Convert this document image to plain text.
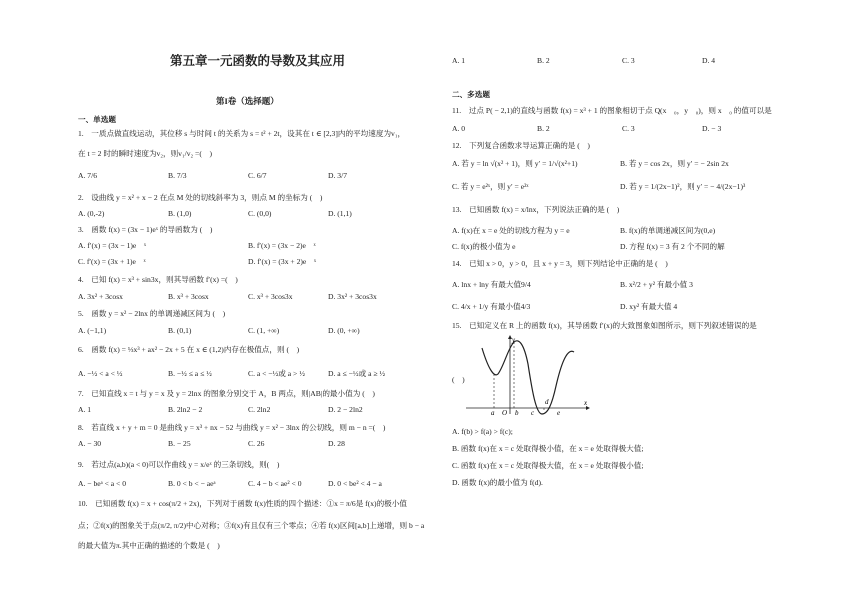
第五章一元函数的导数及其应用
第I卷（选择题）
一、单选题
1.　一质点做直线运动，其位移 s 与时间 t 的关系为 s = t² + 2t，设其在 t ∈ [2,3]内的平均速度为v₁，
在 t = 2 时的瞬时速度为v₂，则v₁/v₂ =(　)
A. 7/6	B. 7/3	C. 6/7	D. 3/7
2.　设曲线 y = x² + x − 2 在点 M 处的切线斜率为 3，则点 M 的坐标为 (　)
A. (0,-2)	B. (1,0)	C. (0,0)	D. (1,1)
3.　函数 f(x) = (3x − 1)eˣ 的导函数为 (　)
A. f′(x) = (3x − 1)e　ˣ	B. f′(x) = (3x − 2)e　ˣ
C. f′(x) = (3x + 1)e　ˣ	D. f′(x) = (3x + 2)e　ˣ
4.　已知 f(x) = x³ + sin3x，则其导函数 f′(x) =(　)
A. 3x² + 3cosx	B. x³ + 3cosx	C. x³ + 3cos3x	D. 3x² + 3cos3x
5.　函数 y = x² − 2lnx 的单调递减区间为 (　)
A. (−1,1)	B. (0,1)	C. (1, +∞)	D. (0, +∞)
6.　函数 f(x) = ⅓x³ + ax² − 2x + 5 在 x ∈ (1,2)内存在极值点，则 (　)
A. −½ < a < ½	B. −½ ≤ a ≤ ½	C. a < −½或 a > ½	D. a ≤ −½或 a ≥ ½
7.　已知直线 x = t 与 y = x 及 y = 2lnx 的图象分别交于 A，B 两点，则|AB|的最小值为 (　)
A. 1	B. 2ln2 − 2	C. 2ln2	D. 2 − 2ln2
8.　若直线 x + y + m = 0 是曲线 y = x³ + nx − 52 与曲线 y = x² − 3lnx 的公切线，则 m − n =(　)
A. − 30	B. − 25	C. 26	D. 28
9.　若过点(a,b)(a < 0)可以作曲线 y = x/eˣ 的三条切线，则(　)
A. − beᵃ < a < 0	B. 0 < b < − aeᵃ	C. 4 − b < ae² < 0	D. 0 < be² < 4 − a
10.　已知函数 f(x) = x + cos(π/2 + 2x)，下列对于函数 f(x)性质的四个描述：①x = π/6是 f(x)的极小值
点；②f(x)的图象关于点(π/2, π/2)中心对称；③f(x)有且仅有三个零点；④若 f(x)区间[a,b]上递增，则 b − a
的最大值为π.其中正确的描述的个数是 (　)
A. 1	B. 2	C. 3	D. 4
二、多选题
11.　过点 P( − 2,1)的直线与函数 f(x) = x³ + 1 的图象相切于点 Q(x　₀，y　₀)，则 x　₀ 的值可以是
A. 0	B. 2	C. 3	D. − 3
12.　下列复合函数求导运算正确的是 (　)
A. 若 y = ln √(x² + 1)，则 y′ = 1/√(x²+1)	B. 若 y = cos 2x，则 y′ = − 2sin 2x
C. 若 y = e²ˣ，则 y′ = e²ˣ	D. 若 y = 1/(2x−1)²，则 y′ = − 4/(2x−1)³
13.　已知函数 f(x) = x/lnx，下列说法正确的是 (　)
A. f(x)在 x = e 处的切线方程为 y = e	B. f(x)的单调递减区间为(0,e)
C. f(x)的极小值为 e	D. 方程 f(x) = 3 有 2 个不同的解
14.　已知 x > 0，y > 0，且 x + y = 3，则下列结论中正确的是 (　)
A. lnx + lny 有最大值9/4	B. x²/2 + y² 有最小值 3
C. 4/x + 1/y 有最小值4/3	D. xy² 有最大值 4
15.　已知定义在 R 上的函数 f(x)，其导函数 f′(x)的大致图象如图所示，则下列叙述错误的是
(　)
y
x
a O b c
d
e
A. f(b) > f(a) > f(c);
B. 函数 f(x)在 x = c 处取得极小值，在 x = e 处取得极大值;
C. 函数 f(x)在 x = c 处取得极大值，在 x = e 处取得极小值;
D. 函数 f(x)的最小值为 f(d).
